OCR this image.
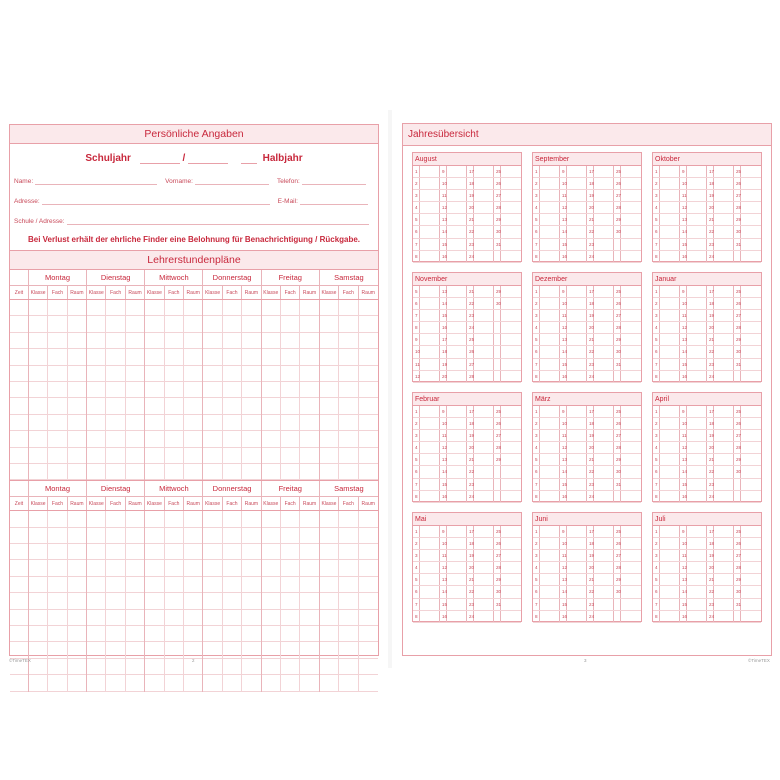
Persönliche Angaben
Schuljahr	/	Halbjahr
Name:	Vorname:	Telefon:
Adresse:	E-Mail:
Schule / Adresse:
Bei Verlust erhält der ehrliche Finder eine Belohnung für Benachrichtigung / Rückgabe.
Lehrerstundenpläne
Montag	Dienstag	Mittwoch	Donnerstag	Freitag	Samstag
Zeit	Klasse	Fach	Raum	Klasse	Fach	Raum	Klasse	Fach	Raum	Klasse	Fach	Raum	Klasse	Fach	Raum	Klasse	Fach	Raum
Montag	Dienstag	Mittwoch	Donnerstag	Freitag	Samstag
Zeit	Klasse	Fach	Raum	Klasse	Fach	Raum	Klasse	Fach	Raum	Klasse	Fach	Raum	Klasse	Fach	Raum	Klasse	Fach	Raum
©TimeTEX	2
Jahresübersicht
August
1	9	17	25
2	10	18	26
3	11	19	27
4	12	20	28
5	13	21	29
6	14	22	30
7	15	23	31
8	16	24
September
1	9	17	25
2	10	18	26
3	11	19	27
4	12	20	28
5	13	21	29
6	14	22	30
7	15	23
8	16	24
Oktober
1	9	17	25
2	10	18	26
3	11	19	27
4	12	20	28
5	13	21	29
6	14	22	30
7	15	23	31
8	16	24
November
5	13	21	29
6	14	22	30
7	15	23
8	16	24
9	17	25
10	18	26
11	19	27
12	20	28
Dezember
1	9	17	25
2	10	18	26
3	11	19	27
4	12	20	28
5	13	21	29
6	14	22	30
7	15	23	31
8	16	24
Januar
1	9	17	25
2	10	18	26
3	11	19	27
4	12	20	28
5	13	21	29
6	14	22	30
7	15	23	31
8	16	24
Februar
1	9	17	25
2	10	18	26
3	11	19	27
4	12	20	28
5	13	21	29
6	14	22
7	15	23
8	16	24
März
1	9	17	25
2	10	18	26
3	11	19	27
4	12	20	28
5	13	21	29
6	14	22	30
7	15	23	31
8	16	24
April
1	9	17	25
2	10	18	26
3	11	19	27
4	12	20	28
5	13	21	29
6	14	22	30
7	15	23
8	16	24
Mai
1	9	17	25
2	10	18	26
3	11	19	27
4	12	20	28
5	13	21	29
6	14	22	30
7	15	23	31
8	16	24
Juni
1	9	17	25
2	10	18	26
3	11	19	27
4	12	20	28
5	13	21	29
6	14	22	30
7	15	23
8	16	24
Juli
1	9	17	25
2	10	18	26
3	11	19	27
4	12	20	28
5	13	21	29
6	14	22	30
7	15	23	31
8	16	24
3	©TimeTEX
